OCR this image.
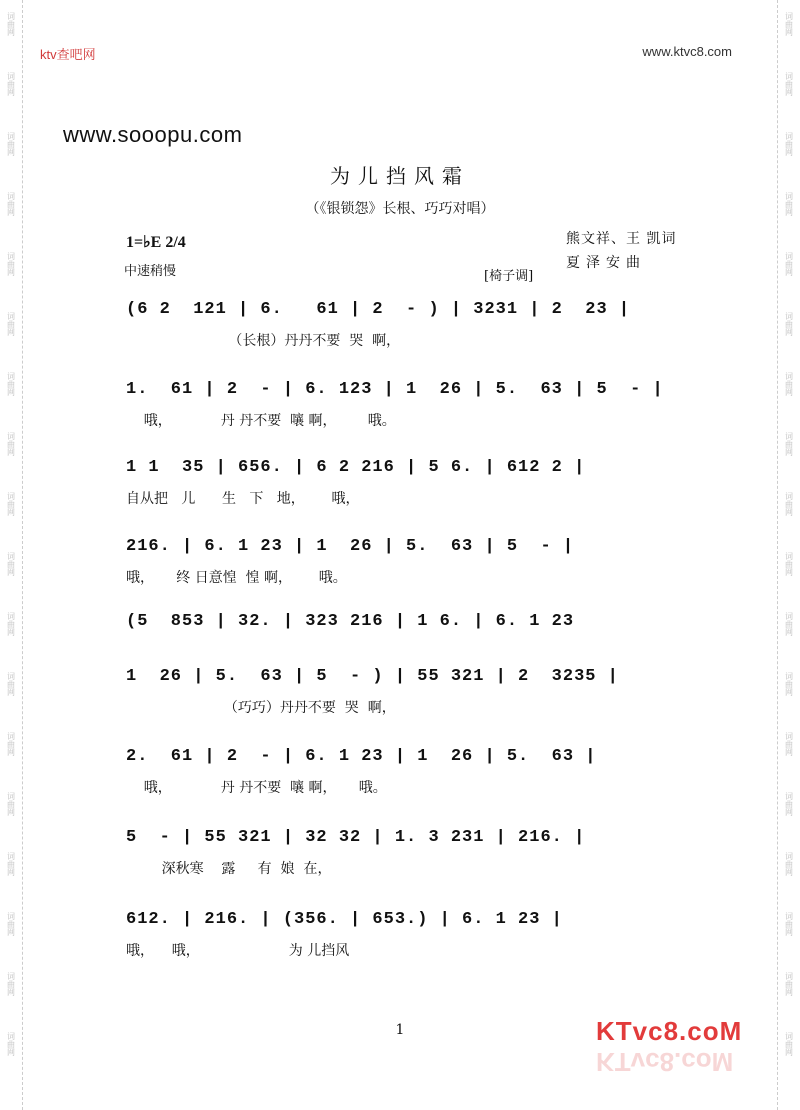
词曲网
词曲网
词曲网
词曲网
词曲网
词曲网
词曲网
词曲网
词曲网
词曲网
词曲网
词曲网
词曲网
词曲网
词曲网
词曲网
词曲网
词曲网
词曲网
词曲网
词曲网
词曲网
词曲网
词曲网
词曲网
词曲网
词曲网
词曲网
词曲网
词曲网
词曲网
词曲网
词曲网
词曲网
词曲网
词曲网
ktv查吧网	www.ktvc8.com
www.sooopu.com
为儿挡风霜
（《银锁怨》长根、巧巧对唱）
1=♭E 2/4
中速稍慢
熊文祥、王 凯词
夏泽安曲
[椅子调]
(6 2  121 | 6.   61 | 2  - ) | 3231 | 2  23 |
（长根）丹丹不要  哭  啊，
1.  61 | 2  - | 6. 123 | 1  26 | 5.  63 | 5  - |
哦，           丹 丹不要  嚷 啊，       哦。
1 1  35 | 656. | 6 2 216 | 5 6. | 612 2 |
自从把   儿      生   下   地，      哦，
216. | 6. 1 23 | 1  26 | 5.  63 | 5  - |
哦，     终 日意惶  惶 啊，      哦。
(5  853 | 32. | 323 216 | 1 6. | 6. 1 23
1  26 | 5.  63 | 5  - ) | 55 321 | 2  3235 |
（巧巧）丹丹不要  哭  啊，
2.  61 | 2  - | 6. 1 23 | 1  26 | 5.  63 |
哦，           丹 丹不要  嚷 啊，     哦。
5  - | 55 321 | 32 32 | 1. 3 231 | 216. |
深秋寒    露     有  娘  在，
612. | 216. | (356. | 653.) | 6. 1 23 |
哦，    哦，                    为 儿挡风
1	KTvc8.coM
KTvc8.coM
